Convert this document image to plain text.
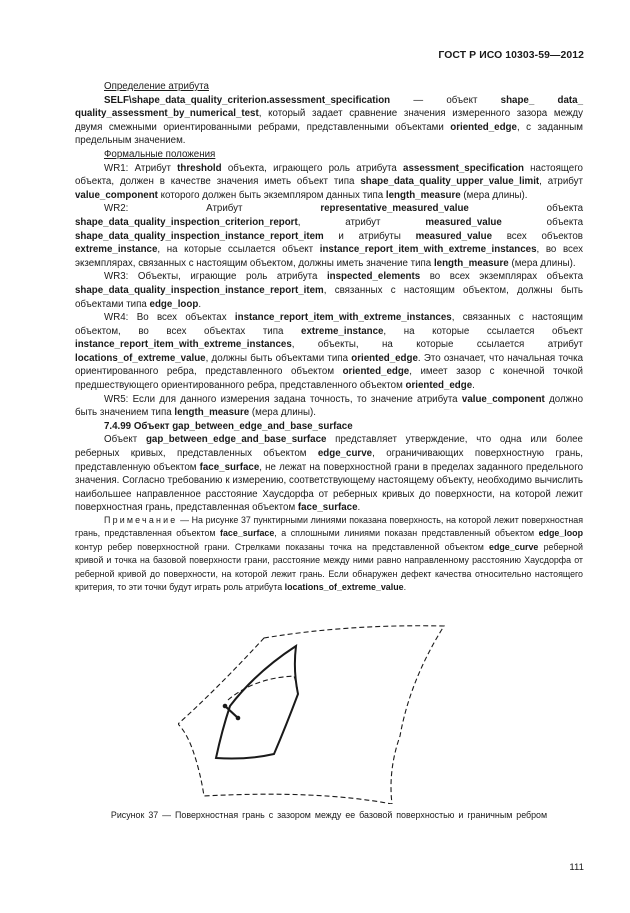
ГОСТ Р ИСО 10303-59—2012

Определение атрибута

SELF\shape_data_quality_criterion.assessment_specification — объект shape_ data_ quality_assessment_by_numerical_test, который задает сравнение значения измеренного зазора между двумя смежными ориентированными ребрами, представленными объектами oriented_edge, с заданным предельным значением.

Формальные положения

WR1: Атрибут threshold объекта, играющего роль атрибута assessment_specification настоящего объекта, должен в качестве значения иметь объект типа shape_data_quality_upper_value_limit, атрибут value_component которого должен быть экземпляром данных типа length_measure (мера длины).

WR2: Атрибут representative_measured_value объекта shape_data_quality_inspection_criterion_report, атрибут measured_value объекта shape_data_quality_inspection_instance_report_item и атрибуты measured_value всех объектов extreme_instance, на которые ссылается объект instance_report_item_with_extreme_instances, во всех экземплярах, связанных с настоящим объектом, должны иметь значение типа length_measure (мера длины).

WR3: Объекты, играющие роль атрибута inspected_elements во всех экземплярах объекта shape_data_quality_inspection_instance_report_item, связанных с настоящим объектом, должны быть объектами типа edge_loop.

WR4: Во всех объектах instance_report_item_with_extreme_instances, связанных с настоящим объектом, во всех объектах типа extreme_instance, на которые ссылается объект instance_report_item_with_extreme_instances, объекты, на которые ссылается атрибут locations_of_extreme_value, должны быть объектами типа oriented_edge. Это означает, что начальная точка ориентированного ребра, представленного объектом oriented_edge, имеет зазор с конечной точкой предшествующего ориентированного ребра, представленного объектом oriented_edge.

WR5: Если для данного измерения задана точность, то значение атрибута value_component должно быть значением типа length_measure (мера длины).

7.4.99 Объект gap_between_edge_and_base_surface

Объект gap_between_edge_and_base_surface представляет утверждение, что одна или более реберных кривых, представленных объектом edge_curve, ограничивающих поверхностную грань, представленную объектом face_surface, не лежат на поверхностной грани в пределах заданного предельного значения. Согласно требованию к измерению, соответствующему настоящему объекту, необходимо вычислить наибольшее направленное расстояние Хаусдорфа от реберных кривых до поверхности, на которой лежит поверхностная грань, представленная объектом face_surface.

Примечание — На рисунке 37 пунктирными линиями показана поверхность, на которой лежит поверхностная грань, представленная объектом face_surface, а сплошными линиями показан представленный объектом edge_loop контур ребер поверхностной грани. Стрелками показаны точка на представленной объектом edge_curve реберной кривой и точка на базовой поверхности грани, расстояние между ними равно направленному расстоянию Хаусдорфа от реберной кривой до поверхности, на которой лежит грань. Если обнаружен дефект качества относительно настоящего критерия, то эти точки будут играть роль атрибута locations_of_extreme_value.

Рисунок 37 — Поверхностная грань с зазором между ее базовой поверхностью и граничным ребром
111
